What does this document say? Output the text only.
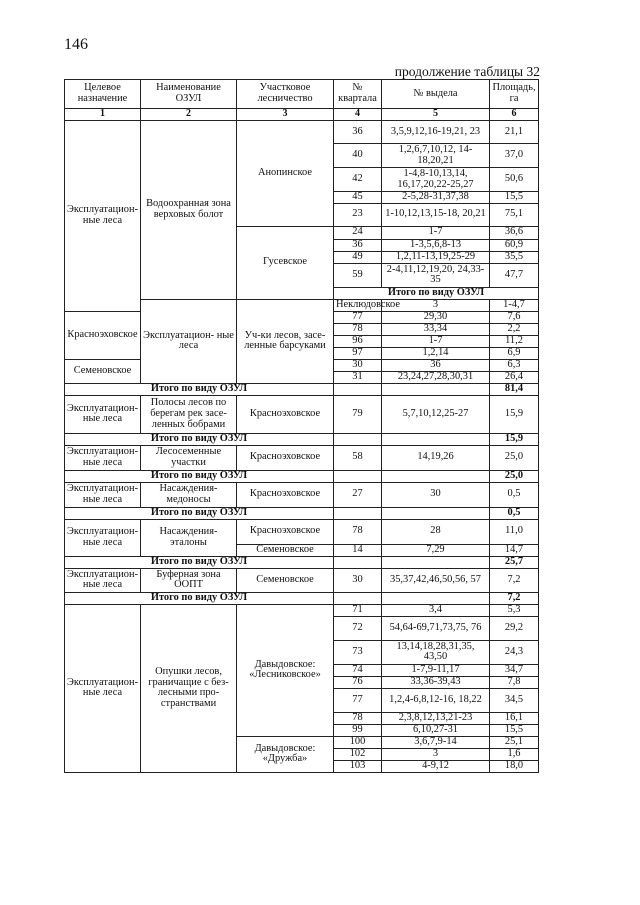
146
продолжение таблицы 32
Целевое назначение	Наименование ОЗУЛ	Участковое лесничество	№ квартала	№ выдела	Площадь, га	
1	2	3	4	5	6	
Эксплуатацион- ные леса	Водоохранная зона верховых болот	Анопинское	36	3,5,9,12,16-19,21, 23	21,1	
			40	1,2,6,7,10,12, 14-18,20,21	37,0	
			42	1-4,8-10,13,14, 16,17,20,22-25,27	50,6	
			45	2-5,28-31,37,38	15,5	
			23	1-10,12,13,15-18, 20,21	75,1	
		Гусевское	24	1-7	36,6	
			36	1-3,5,6,8-13	60,9	
			49	1,2,11-13,19,25-29	35,5	
			59	2-4,11,12,19,20, 24,33-35	47,7	
			Итого по виду ОЗУЛ			
	Эксплуатацион- ные леса	Уч-ки лесов, засе- ленные барсуками	Неклюдовское	3	1-4,7	
Красноэховское			77	29,30	7,6	
			78	33,34	2,2	
			96	1-7	11,2	
			97	1,2,14	6,9	
Семеновское			30	36	6,3	
			31	23,24,27,28,30,31	26,4	
Итого по виду ОЗУЛ					81,4	
Эксплуатацион- ные леса	Полосы лесов по берегам рек засе- ленных бобрами	Красноэховское	79	5,7,10,12,25-27	15,9	
Итого по виду ОЗУЛ					15,9	
Эксплуатацион- ные леса	Лесосеменные участки	Красноэховское	58	14,19,26	25,0	
Итого по виду ОЗУЛ					25,0	
Эксплуатацион- ные леса	Насаждения- медоносы	Красноэховское	27	30	0,5	
Итого по виду ОЗУЛ					0,5	
Эксплуатацион- ные леса	Насаждения- эталоны	Красноэховское	78	28	11,0	
		Семеновское	14	7,29	14,7	
Итого по виду ОЗУЛ					25,7	
Эксплуатацион- ные леса	Буферная зона ООПТ	Семеновское	30	35,37,42,46,50,56, 57	7,2	
Итого по виду ОЗУЛ					7,2	
Эксплуатацион- ные леса	Опушки лесов, граничащие с без- лесными про- странствами	Давыдовское: «Лесниковское»	71	3,4	5,3	
			72	54,64-69,71,73,75, 76	29,2	
			73	13,14,18,28,31,35, 43,50	24,3	
			74	1-7,9-11,17	34,7	
			76	33,36-39,43	7,8	
			77	1,2,4-6,8,12-16, 18,22	34,5	
			78	2,3,8,12,13,21-23	16,1	
			99	6,10,27-31	15,5	
		Давыдовское: «Дружба»	100	3,6,7,9-14	25,1	
			102	3	1,6	
			103	4-9,12	18,0	
